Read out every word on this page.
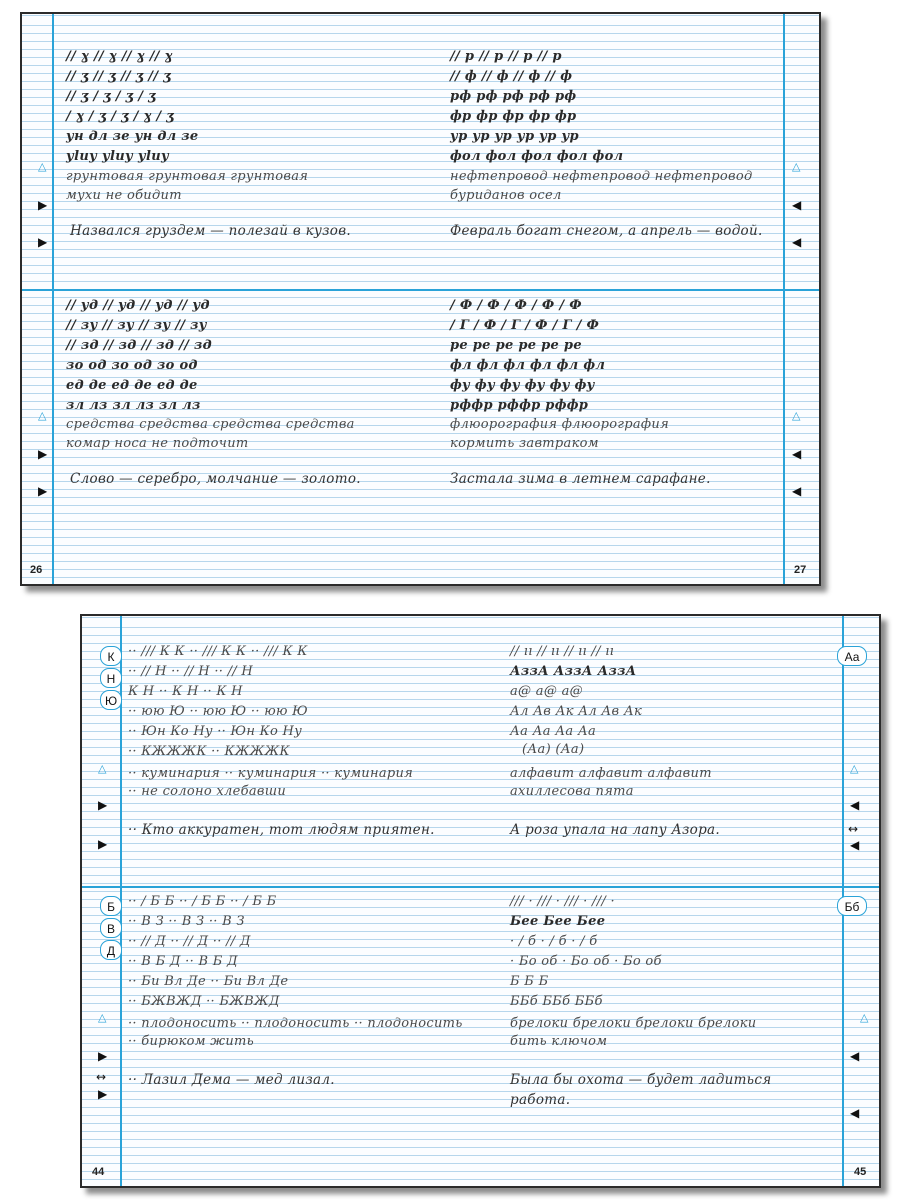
// ɣ // ɣ // ɣ // ɣ
// ʒ // ʒ // ʒ // ʒ
// ʒ / ʒ / ʒ / ʒ
/ ɣ / ʒ / ʒ / ɣ / ʒ
ун дл зе ун дл зе
уluу уluу уluу
грунтовая грунтовая грунтовая
мухи не обидит
Назвался груздем — полезай в кузов.
// уд // уд // уд // уд
// зу // зу // зу // зу
// зд // зд // зд // зд
зо од зо од зо од
ед де ед де ед де
зл лз зл лз зл лз
средства средства средства средства
комар носа не подточит
Слово — серебро, молчание — золото.
// р // р // р // р
// ф // ф // ф // ф
рф рф рф рф рф
фр фр фр фр фр
ур ур ур ур ур ур
фол фол фол фол фол
нефтепровод нефтепровод нефтепровод
буриданов осел
Февраль богат снегом, а апрель — водой.
/ Ф / Ф / Ф / Ф / Ф
/ Г / Ф / Г / Ф / Г / Ф
ре ре ре ре ре ре
фл фл фл фл фл фл
фу фу фу фу фу фу
рффр рффр рффр
флюорография флюорография
кормить завтраком
Застала зима в летнем сарафане.
△
▶
▶
△
▶
▶
△
◀
◀
△
◀
◀
26	27
К
Н
Ю
Б
В
Д
Аа
Бб
·· /// К К ·· /// К К ·· /// К К
·· // Н ·· // Н ·· // Н
К Н ·· К Н ·· К Н
·· юю Ю ·· юю Ю ·· юю Ю
·· Юн Ко Ну ·· Юн Ко Ну
·· КЖЖЖК ·· КЖЖЖК
·· куминария ·· куминария ·· куминария
·· не солоно хлебавши
·· Кто аккуратен, тот людям приятен.
·· / Б Б ·· / Б Б ·· / Б Б
·· В З ·· В З ·· В З
·· // Д ·· // Д ·· // Д
·· В Б Д ·· В Б Д
·· Би Вл Де ·· Би Вл Де
·· БЖВЖД ·· БЖВЖД
·· плодоносить ·· плодоносить ·· плодоносить
·· бирюком жить
·· Лазил Дема — мед лизал.
// ıı // ıı // ıı // ıı
АззА АззА АззА
а@ а@ а@
Ал Ав Ак Ал Ав Ак
Аа Аа Аа Аа
(Аа) (Аа)
алфавит алфавит алфавит
ахиллесова пята
А роза упала на лапу Азора.
/// · /// · /// · /// ·
Бее Бее Бее
· / б · / б · / б
· Бо об · Бо об · Бо об
Б Б Б
ББб ББб ББб
брелоки брелоки брелоки брелоки
бить ключом
Была бы охота — будет ладиться
работа.
△
▶
▶
△
▶
↔
▶
△
◀
↔
◀
△
◀
◀
44	45
